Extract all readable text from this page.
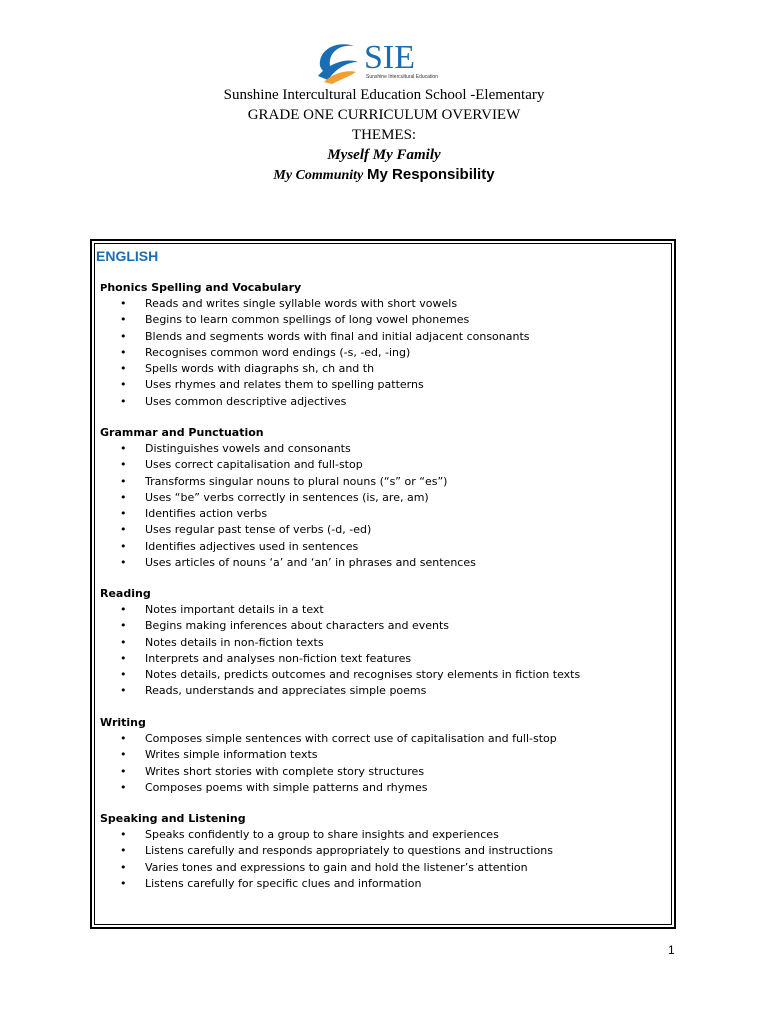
SIE
Sunshine Intercultural Education
Sunshine Intercultural Education School -Elementary
GRADE ONE CURRICULUM OVERVIEW
THEMES:
Myself My Family
My Community My Responsibility
ENGLISH
Phonics Spelling and Vocabulary
• Reads and writes single syllable words with short vowels
• Begins to learn common spellings of long vowel phonemes
• Blends and segments words with final and initial adjacent consonants
• Recognises common word endings (-s, -ed, -ing)
• Spells words with diagraphs sh, ch and th
• Uses rhymes and relates them to spelling patterns
• Uses common descriptive adjectives
Grammar and Punctuation
• Distinguishes vowels and consonants
• Uses correct capitalisation and full-stop
• Transforms singular nouns to plural nouns (“s” or “es”)
• Uses “be” verbs correctly in sentences (is, are, am)
• Identifies action verbs
• Uses regular past tense of verbs (-d, -ed)
• Identifies adjectives used in sentences
• Uses articles of nouns ‘a’ and ‘an’ in phrases and sentences
Reading
• Notes important details in a text
• Begins making inferences about characters and events
• Notes details in non-fiction texts
• Interprets and analyses non-fiction text features
• Notes details, predicts outcomes and recognises story elements in fiction texts
• Reads, understands and appreciates simple poems
Writing
• Composes simple sentences with correct use of capitalisation and full-stop
• Writes simple information texts
• Writes short stories with complete story structures
• Composes poems with simple patterns and rhymes
Speaking and Listening
• Speaks confidently to a group to share insights and experiences
• Listens carefully and responds appropriately to questions and instructions
• Varies tones and expressions to gain and hold the listener’s attention
• Listens carefully for specific clues and information
1
